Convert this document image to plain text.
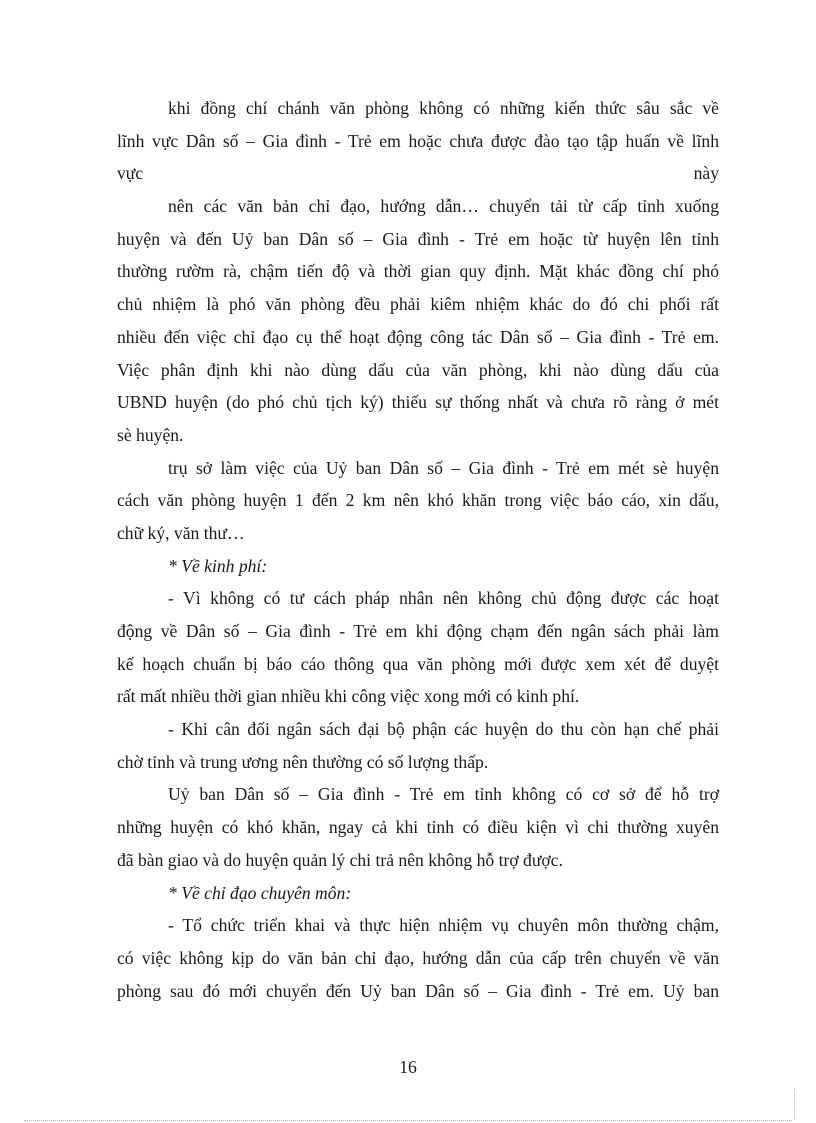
khi đồng chí chánh văn phòng không có những kiến thức sâu sắc về
lĩnh vực Dân số – Gia đình - Trẻ em hoặc chưa được đào tạo tập huấn về lĩnh
vực	này
nên các văn bản chỉ đạo, hướng dẫn… chuyển tải từ cấp tỉnh xuống
huyện và đến Uỷ ban Dân số – Gia đình - Trẻ em hoặc từ huyện lên tỉnh
thường rườm rà, chậm tiến độ và thời gian quy định. Mặt khác đồng chí phó
chủ nhiệm là phó văn phòng đều phải kiêm nhiệm khác do đó chi phối rất
nhiều đến việc chỉ đạo cụ thể hoạt động công tác Dân số – Gia đình - Trẻ em.
Việc phân định khi nào dùng dấu của văn phòng, khi nào dùng dấu của
UBND huyện (do phó chủ tịch ký) thiếu sự thống nhất và chưa rõ ràng ở mét
sè huyện.
trụ sở làm việc của Uỷ ban Dân số – Gia đình - Trẻ em mét sè huyện
cách văn phòng huyện 1 đến 2 km nên khó khăn trong việc báo cáo, xin dấu,
chữ ký, văn thư…
* Về kinh phí:
- Vì không có tư cách pháp nhân nên không chủ động được các hoạt
động về Dân số – Gia đình - Trẻ em khi động chạm đến ngân sách phải làm
kế hoạch chuẩn bị báo cáo thông qua văn phòng mới được xem xét để duyệt
rất mất nhiều thời gian nhiều khi công việc xong mới có kinh phí.
- Khi cân đối ngân sách đại bộ phận các huyện do thu còn hạn chế phải
chờ tỉnh và trung ương nên thường có số lượng thấp.
Uỷ ban Dân số – Gia đình - Trẻ em tỉnh không có cơ sở để hỗ trợ
những huyện có khó khăn, ngay cả khi tỉnh có điều kiện vì chi thường xuyên
đã bàn giao và do huyện quản lý chi trả nên không hỗ trợ được.
* Về chỉ đạo chuyên môn:
- Tổ chức triển khai và thực hiện nhiệm vụ chuyên môn thường chậm,
có việc không kịp do văn bản chỉ đạo, hướng dẫn của cấp trên chuyển về văn
phòng sau đó mới chuyển đến Uỷ ban Dân số – Gia đình - Trẻ em. Uỷ ban
16
